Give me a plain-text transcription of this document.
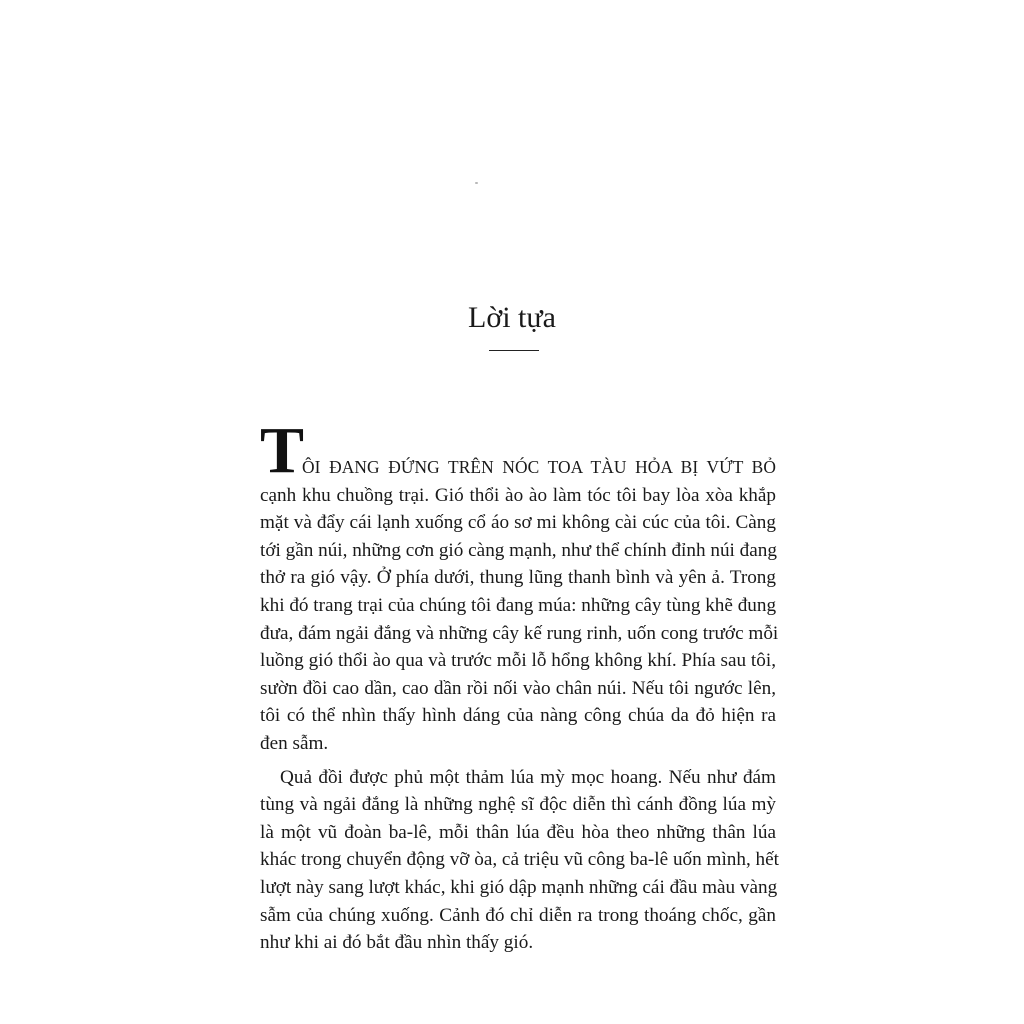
Lời tựa
T
ÔI ĐANG ĐỨNG TRÊN NÓC TOA TÀU HỎA BỊ VỨT BỎ
cạnh khu chuồng trại. Gió thổi ào ào làm tóc tôi bay lòa xòa khắp
mặt và đẩy cái lạnh xuống cổ áo sơ mi không cài cúc của tôi. Càng
tới gần núi, những cơn gió càng mạnh, như thể chính đỉnh núi đang
thở ra gió vậy. Ở phía dưới, thung lũng thanh bình và yên ả. Trong
khi đó trang trại của chúng tôi đang múa: những cây tùng khẽ đung
đưa, đám ngải đắng và những cây kế rung rinh, uốn cong trước mỗi
luồng gió thổi ào qua và trước mỗi lỗ hổng không khí. Phía sau tôi,
sườn đồi cao dần, cao dần rồi nối vào chân núi. Nếu tôi ngước lên,
tôi có thể nhìn thấy hình dáng của nàng công chúa da đỏ hiện ra
đen sẫm.
Quả đồi được phủ một thảm lúa mỳ mọc hoang. Nếu như đám
tùng và ngải đắng là những nghệ sĩ độc diễn thì cánh đồng lúa mỳ
là một vũ đoàn ba-lê, mỗi thân lúa đều hòa theo những thân lúa
khác trong chuyển động vỡ òa, cả triệu vũ công ba-lê uốn mình, hết
lượt này sang lượt khác, khi gió dập mạnh những cái đầu màu vàng
sẫm của chúng xuống. Cảnh đó chỉ diễn ra trong thoáng chốc, gần
như khi ai đó bắt đầu nhìn thấy gió.
